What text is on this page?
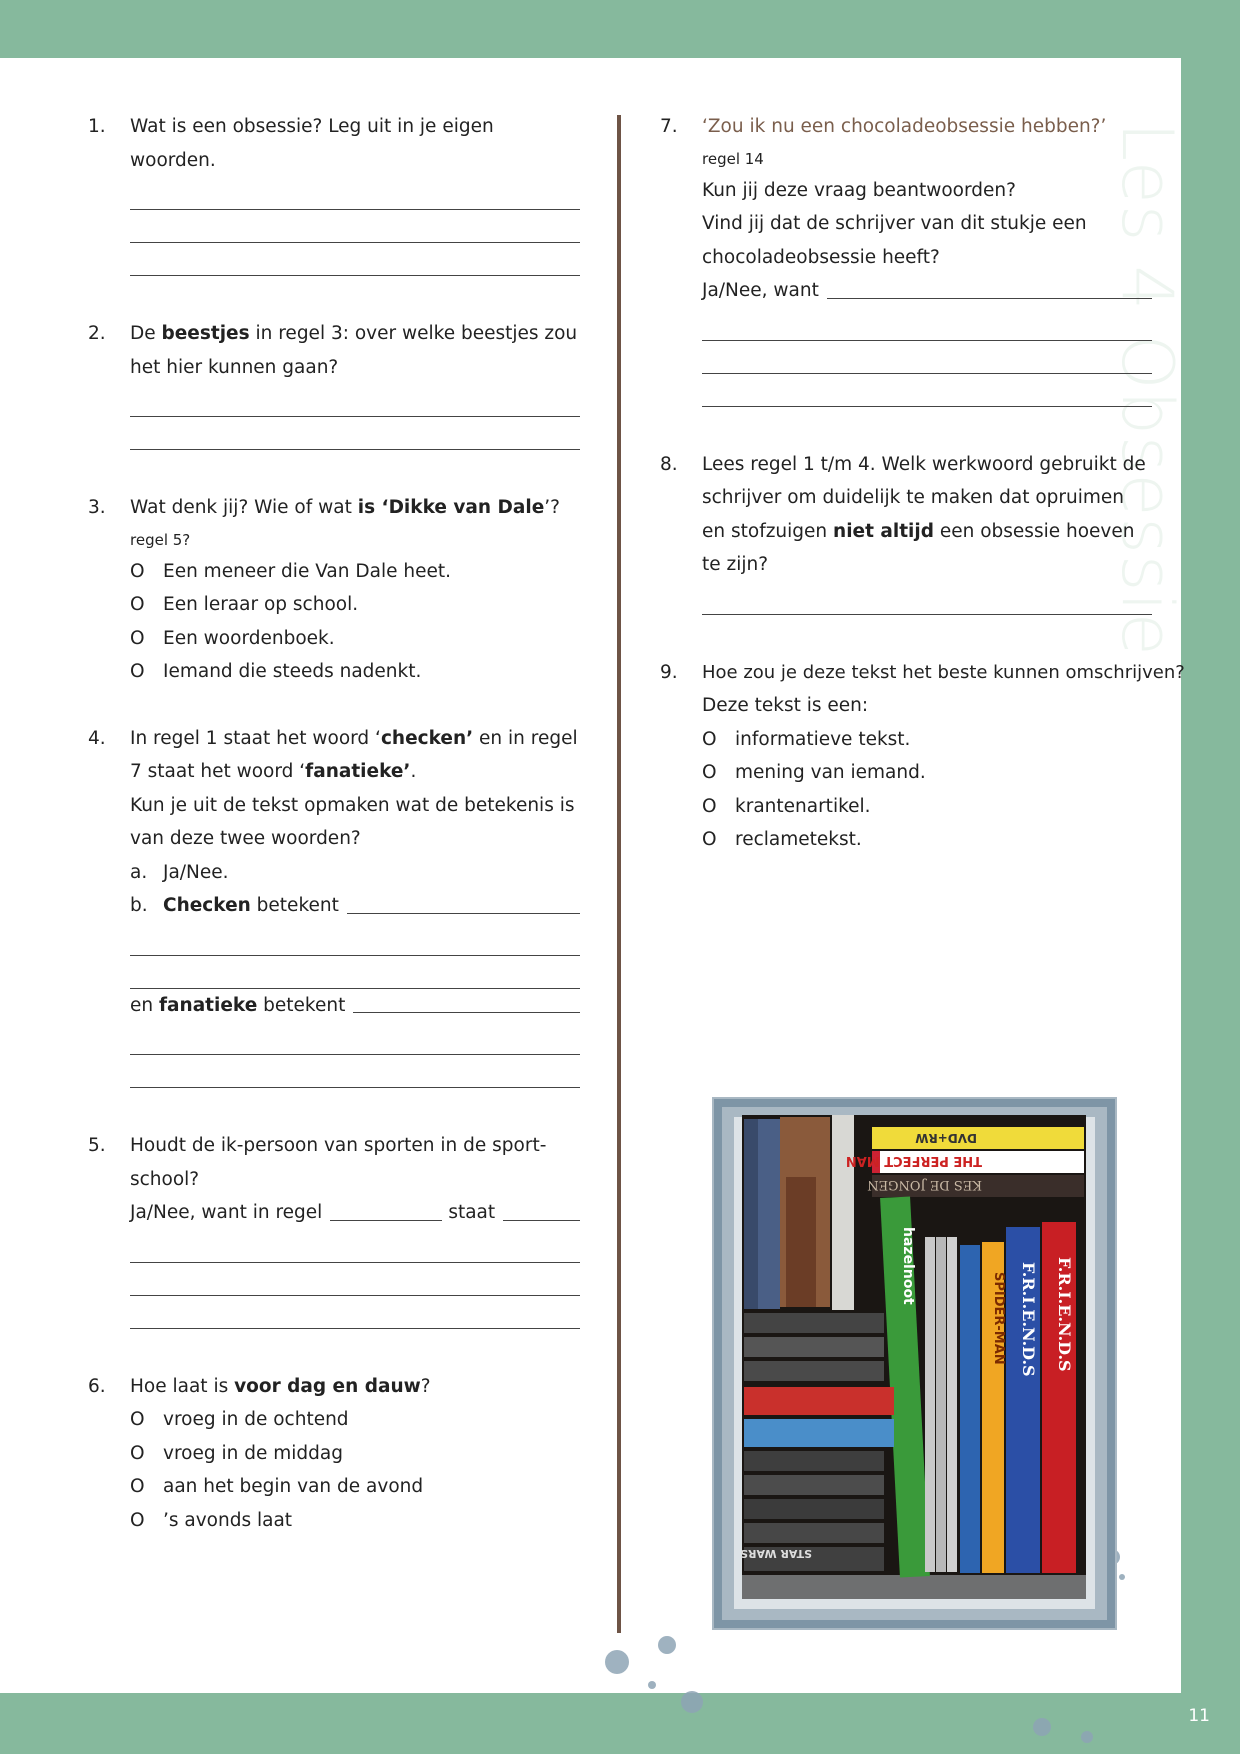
Les 4 Obsessie
11
1. Wat is een obsessie? Leg uit in je eigen woorden.
2. De beestjes in regel 3: over welke beestjes zou het hier kunnen gaan?
3. Wat denk jij? Wie of wat is ‘Dikke van Dale’?
regel 5?
O Een meneer die Van Dale heet.
O Een leraar op school.
O Een woordenboek.
O Iemand die steeds nadenkt.
4. In regel 1 staat het woord ‘checken’ en in regel 7 staat het woord ‘fanatieke’.
Kun je uit de tekst opmaken wat de betekenis is van deze twee woorden?
a. Ja/Nee.
b. Checken betekent
en fanatieke betekent
5. Houdt de ik-persoon van sporten in de sport-school?
Ja/Nee, want in regel	staat
6. Hoe laat is voor dag en dauw?
O vroeg in de ochtend
O vroeg in de middag
O aan het begin van de avond
O ’s avonds laat
7. ‘Zou ik nu een chocoladeobsessie hebben?’
regel 14
Kun jij deze vraag beantwoorden?
Vind jij dat de schrijver van dit stukje een chocoladeobsessie heeft?
Ja/Nee, want
8. Lees regel 1 t/m 4. Welk werkwoord gebruikt de schrijver om duidelijk te maken dat opruimen en stofzuigen niet altijd een obsessie hoeven te zijn?
9. Hoe zou je deze tekst het beste kunnen omschrijven?
Deze tekst is een:
O informatieve tekst.
O mening van iemand.
O krantenartikel.
O reclametekst.
DVD+RW
THE PERFECT MAN
KES DE JONGEN
hazelnoot
SPIDER-MAN F.R.I.E.N.D.S F.R.I.E.N.D.S
STAR WARS
